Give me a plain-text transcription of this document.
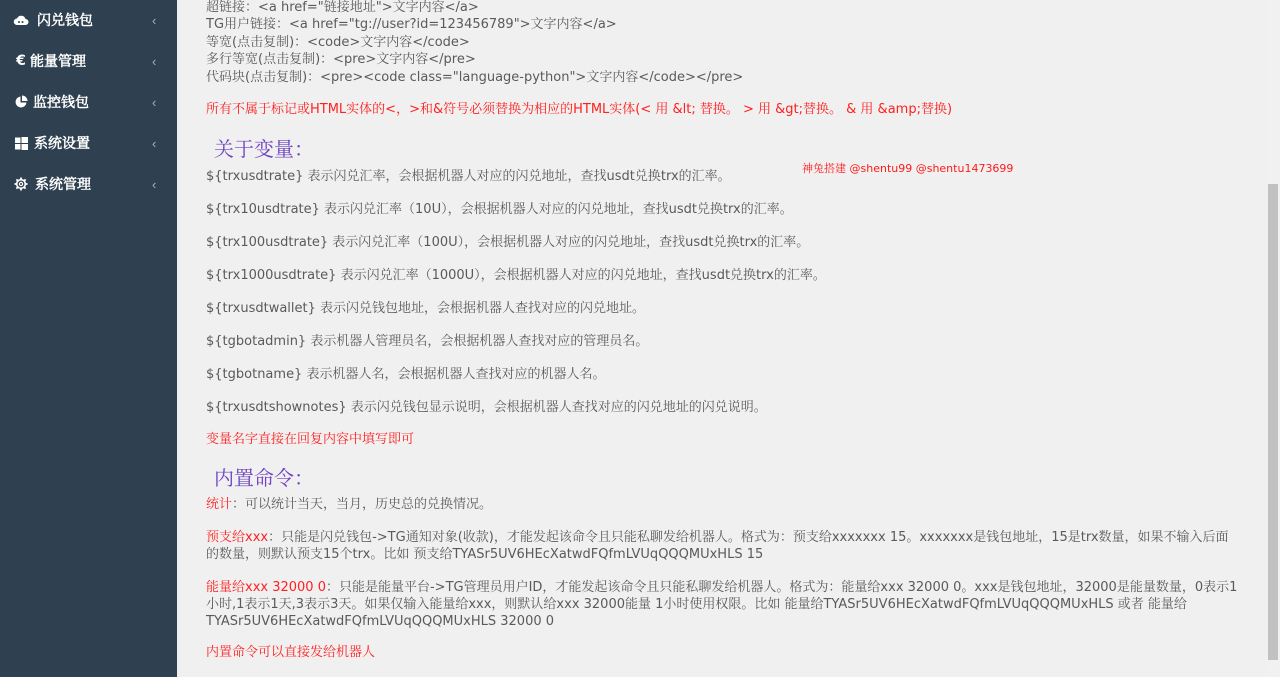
闪兑钱包	‹
€ 能量管理	‹
监控钱包	‹
系统设置	‹
系统管理	‹
超链接：<a href="链接地址">文字内容</a>
TG用户链接：<a href="tg://user?id=123456789">文字内容</a>
等宽(点击复制)：<code>文字内容</code>
多行等宽(点击复制)：<pre>文字内容</pre>
代码块(点击复制)：<pre><code class="language-python">文字内容</code></pre>
所有不属于标记或HTML实体的<，>和&符号必须替换为相应的HTML实体(< 用 &lt; 替换。 > 用 &gt;替换。 & 用 &amp;替换)
关于变量：
${trxusdtrate} 表示闪兑汇率，会根据机器人对应的闪兑地址，查找usdt兑换trx的汇率。
${trx10usdtrate} 表示闪兑汇率（10U），会根据机器人对应的闪兑地址，查找usdt兑换trx的汇率。
${trx100usdtrate} 表示闪兑汇率（100U），会根据机器人对应的闪兑地址，查找usdt兑换trx的汇率。
${trx1000usdtrate} 表示闪兑汇率（1000U），会根据机器人对应的闪兑地址，查找usdt兑换trx的汇率。
${trxusdtwallet} 表示闪兑钱包地址，会根据机器人查找对应的闪兑地址。
${tgbotadmin} 表示机器人管理员名，会根据机器人查找对应的管理员名。
${tgbotname} 表示机器人名，会根据机器人查找对应的机器人名。
${trxusdtshownotes} 表示闪兑钱包显示说明，会根据机器人查找对应的闪兑地址的闪兑说明。
变量名字直接在回复内容中填写即可
内置命令：
统计：可以统计当天，当月，历史总的兑换情况。
预支给xxx：只能是闪兑钱包->TG通知对象(收款)，才能发起该命令且只能私聊发给机器人。格式为：预支给xxxxxxx 15。xxxxxxx是钱包地址，15是trx数量，如果不输入后面的数量，则默认预支15个trx。比如 预支给TYASr5UV6HEcXatwdFQfmLVUqQQQMUxHLS 15
能量给xxx 32000 0：只能是能量平台->TG管理员用户ID，才能发起该命令且只能私聊发给机器人。格式为：能量给xxx 32000 0。xxx是钱包地址，32000是能量数量，0表示1小时,1表示1天,3表示3天。如果仅输入能量给xxx，则默认给xxx 32000能量 1小时使用权限。比如 能量给TYASr5UV6HEcXatwdFQfmLVUqQQQMUxHLS 或者 能量给TYASr5UV6HEcXatwdFQfmLVUqQQQMUxHLS 32000 0
内置命令可以直接发给机器人
神兔搭建 @shentu99 @shentu1473699
